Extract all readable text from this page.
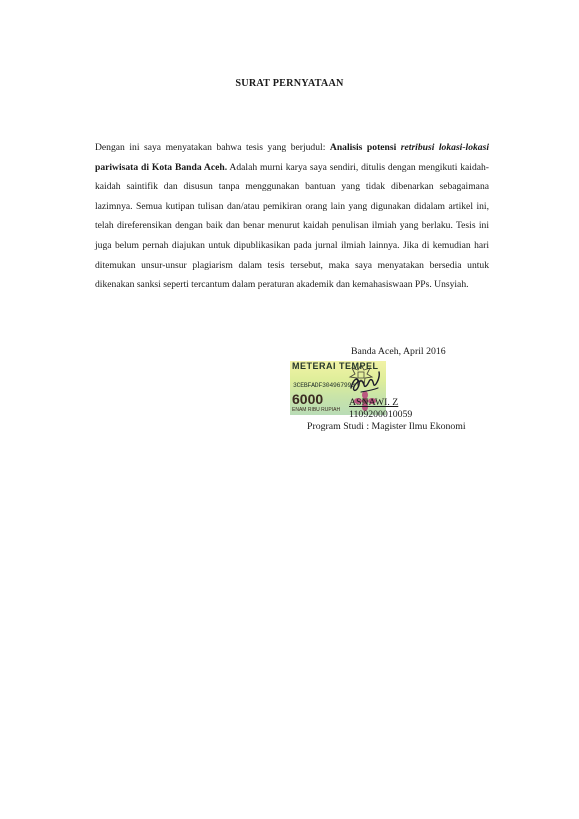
SURAT PERNYATAAN
Dengan ini saya menyatakan bahwa tesis yang berjudul: Analisis potensi retribusi lokasi-lokasi pariwisata di Kota Banda Aceh. Adalah murni karya saya sendiri, ditulis dengan mengikuti kaidah-kaidah saintifik dan disusun tanpa menggunakan bantuan yang tidak dibenarkan sebagaimana lazimnya. Semua kutipan tulisan dan/atau pemikiran orang lain yang digunakan didalam artikel ini, telah direferensikan dengan baik dan benar menurut kaidah penulisan ilmiah yang berlaku. Tesis ini juga belum pernah diajukan untuk dipublikasikan pada jurnal ilmiah lainnya. Jika di kemudian hari ditemukan unsur-unsur plagiarism dalam tesis tersebut, maka saya menyatakan bersedia untuk dikenakan sanksi seperti tercantum dalam peraturan akademik dan kemahasiswaan PPs. Unsyiah.
Banda Aceh, April 2016
METERAI TEMPEL
3CEBFADF304967993
6000
ENAM RIBU RUPIAH
ASNAWI. Z
1109200010059
Program Studi : Magister Ilmu Ekonomi
